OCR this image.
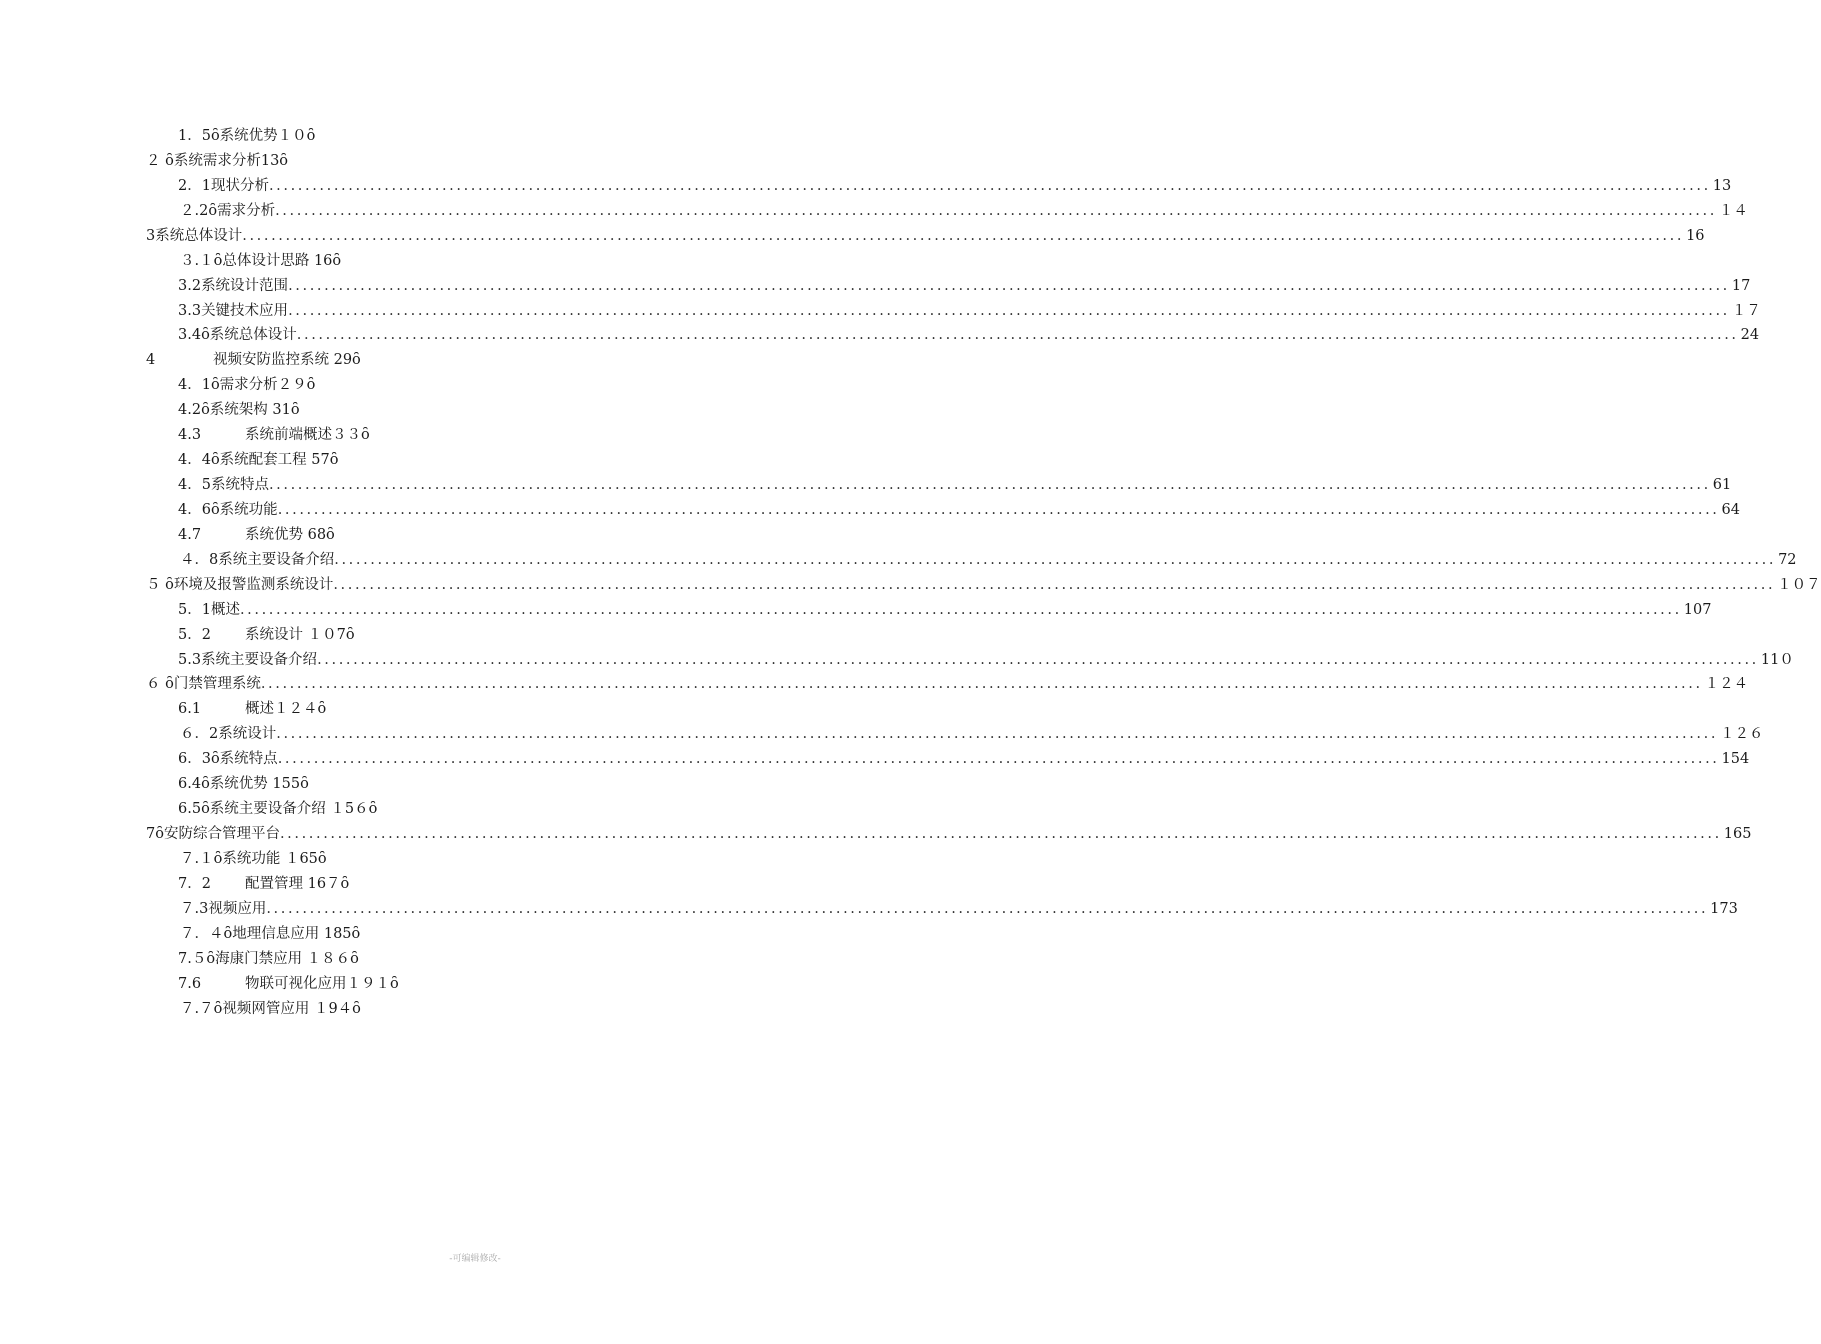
1．5ȏ系统优势１０ȏ
２ ȏ系统需求分析13ȏ
2．1 现状分析 ........................................................................................................................................................................................................ 13
２.2 ȏ需求分析 ........................................................................................................................................................................................................ １４
3 系统总体设计 ........................................................................................................................................................................................................ 16
３.１ȏ总体设计思路 16ȏ
3.2 系统设计范围 ........................................................................................................................................................................................................ 17
3.3 关键技术应用 ........................................................................................................................................................................................................ １７
3.4 ȏ系统总体设计 ........................................................................................................................................................................................................ 24
4	视频安防监控系统 29ȏ
4．1ȏ需求分析２９ȏ
4.2ȏ系统架构 31ȏ
4.3	系统前端概述３３ȏ
4．4ȏ系统配套工程 57ȏ
4．5 系统特点 ........................................................................................................................................................................................................ 61
4．6 ȏ系统功能 ........................................................................................................................................................................................................ 64
4.7	系统优势 68ȏ
４．8 系统主要设备介绍 ........................................................................................................................................................................................................ 72
５ ȏ 环境及报警监测系统设计 ........................................................................................................................................................................................................ １０７
5．1 概述 ........................................................................................................................................................................................................ 107
5．2 系统设计 １０7ȏ
5.3 系统主要设备介绍 ........................................................................................................................................................................................................ 11０
６ ȏ 门禁管理系统 ........................................................................................................................................................................................................ １２４
6.1	概述１２４ȏ
６．2 系统设计 ........................................................................................................................................................................................................ １２６
6．3 ȏ系统特点 ........................................................................................................................................................................................................ 154
6.4ȏ系统优势 155ȏ
6.5ȏ系统主要设备介绍 １5６ȏ
7 ȏ安防综合管理平台 ........................................................................................................................................................................................................ 165
７.１ȏ系统功能 １65ȏ
7．2 配置管理 16７ȏ
７.3 视频应用 ........................................................................................................................................................................................................ 173
７．４ȏ地理信息应用 185ȏ
7.５ȏ海康门禁应用 １８６ȏ
7.6	物联可视化应用１９１ȏ
７.７ȏ视频网管应用 １9４ȏ
-可编辑修改-
